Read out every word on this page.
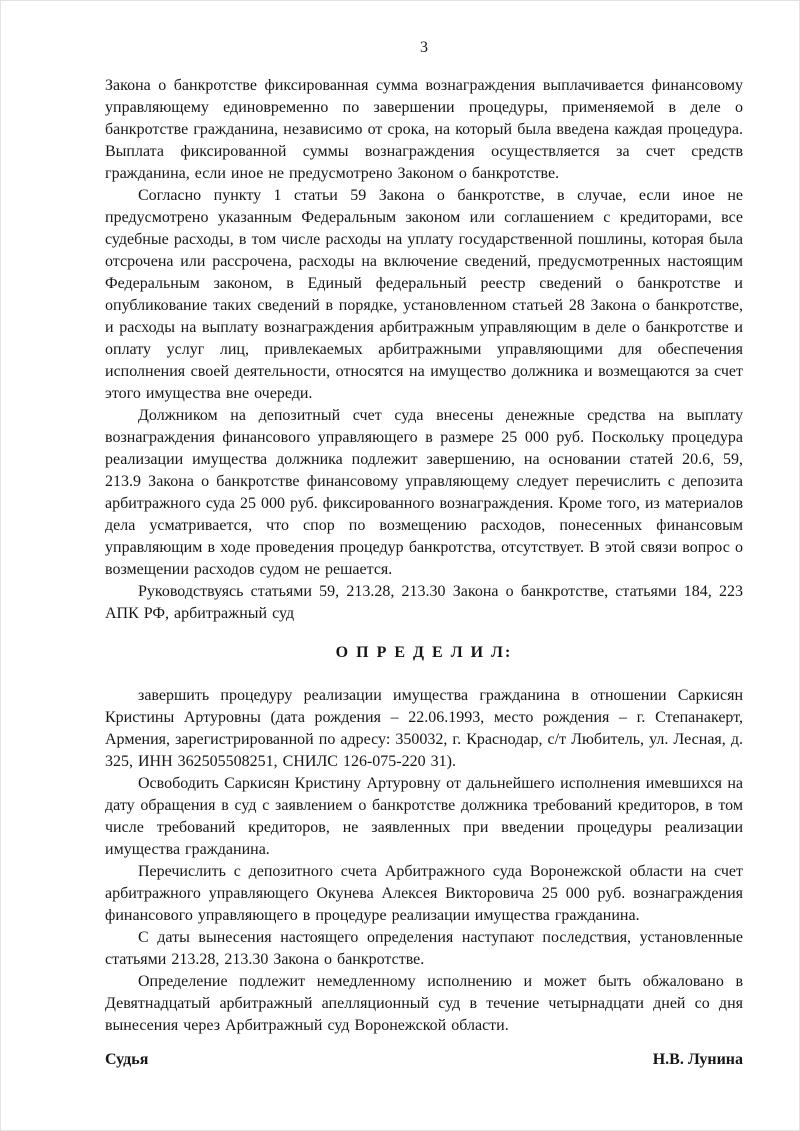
3

Закона о банкротстве фиксированная сумма вознаграждения выплачивается финансовому управляющему единовременно по завершении процедуры, применяемой в деле о банкротстве гражданина, независимо от срока, на который была введена каждая процедура. Выплата фиксированной суммы вознаграждения осуществляется за счет средств гражданина, если иное не предусмотрено Законом о банкротстве.

Согласно пункту 1 статьи 59 Закона о банкротстве, в случае, если иное не предусмотрено указанным Федеральным законом или соглашением с кредиторами, все судебные расходы, в том числе расходы на уплату государственной пошлины, которая была отсрочена или рассрочена, расходы на включение сведений, предусмотренных настоящим Федеральным законом, в Единый федеральный реестр сведений о банкротстве и опубликование таких сведений в порядке, установленном статьей 28 Закона о банкротстве, и расходы на выплату вознаграждения арбитражным управляющим в деле о банкротстве и оплату услуг лиц, привлекаемых арбитражными управляющими для обеспечения исполнения своей деятельности, относятся на имущество должника и возмещаются за счет этого имущества вне очереди.

Должником на депозитный счет суда внесены денежные средства на выплату вознаграждения финансового управляющего в размере 25 000 руб. Поскольку процедура реализации имущества должника подлежит завершению, на основании статей 20.6, 59, 213.9 Закона о банкротстве финансовому управляющему следует перечислить с депозита арбитражного суда 25 000 руб. фиксированного вознаграждения. Кроме того, из материалов дела усматривается, что спор по возмещению расходов, понесенных финансовым управляющим в ходе проведения процедур банкротства, отсутствует. В этой связи вопрос о возмещении расходов судом не решается.

Руководствуясь статьями 59, 213.28, 213.30 Закона о банкротстве, статьями 184, 223 АПК РФ, арбитражный суд

О П Р Е Д Е Л И Л:

завершить процедуру реализации имущества гражданина в отношении Саркисян Кристины Артуровны (дата рождения – 22.06.1993, место рождения – г. Степанакерт, Армения, зарегистрированной по адресу: 350032, г. Краснодар, с/т Любитель, ул. Лесная, д. 325, ИНН 362505508251, СНИЛС 126-075-220 31).

Освободить Саркисян Кристину Артуровну от дальнейшего исполнения имевшихся на дату обращения в суд с заявлением о банкротстве должника требований кредиторов, в том числе требований кредиторов, не заявленных при введении процедуры реализации имущества гражданина.

Перечислить с депозитного счета Арбитражного суда Воронежской области на счет арбитражного управляющего Окунева Алексея Викторовича 25 000 руб. вознаграждения финансового управляющего в процедуре реализации имущества гражданина.

С даты вынесения настоящего определения наступают последствия, установленные статьями 213.28, 213.30 Закона о банкротстве.

Определение подлежит немедленному исполнению и может быть обжаловано в Девятнадцатый арбитражный апелляционный суд в течение четырнадцати дней со дня вынесения через Арбитражный суд Воронежской области.

Судья	Н.В. Лунина
